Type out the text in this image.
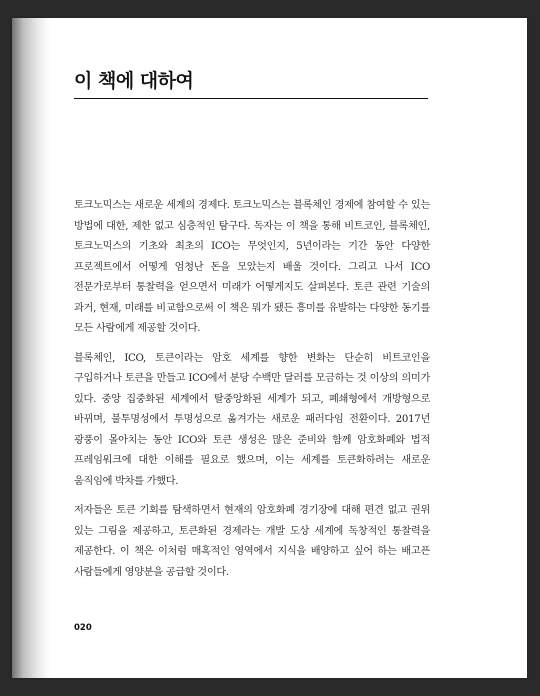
이 책에 대하여

토크노믹스는 새로운 세계의 경제다. 토크노믹스는 블록체인 경제에 참여할 수 있는 방법에 대한, 제한 없고 심층적인 탐구다. 독자는 이 책을 통해 비트코인, 블록체인, 토크노믹스의 기초와 최초의 ICO는 무엇인지, 5년이라는 기간 동안 다양한 프로젝트에서 어떻게 엄청난 돈을 모았는지 배울 것이다. 그리고 나서 ICO 전문가로부터 통찰력을 얻으면서 미래가 어떻게지도 살펴본다. 토큰 관련 기술의 과거, 현재, 미래를 비교함으로써 이 책은 뭐가 됐든 흥미를 유발하는 다양한 동기를 모든 사람에게 제공할 것이다.

블록체인, ICO, 토큰이라는 암호 세계를 향한 변화는 단순히 비트코인을 구입하거나 토큰을 만들고 ICO에서 분당 수백만 달러를 모금하는 것 이상의 의미가 있다. 중앙 집중화된 세계에서 탈중앙화된 세계가 되고, 폐쇄형에서 개방형으로 바뀌며, 불투명성에서 투명성으로 옮겨가는 새로운 패러다임 전환이다. 2017년 광풍이 몰아치는 동안 ICO와 토큰 생성은 많은 준비와 함께 암호화폐와 법적 프레임워크에 대한 이해를 필요로 했으며, 이는 세계를 토큰화하려는 새로운 움직임에 박차를 가했다.

저자들은 토큰 기회를 탐색하면서 현재의 암호화폐 경기장에 대해 편견 없고 권위 있는 그림을 제공하고, 토큰화된 경제라는 개발 도상 세계에 독창적인 통찰력을 제공한다. 이 책은 이처럼 매혹적인 영역에서 지식을 배양하고 싶어 하는 배고픈 사람들에게 영양분을 공급할 것이다.

020
